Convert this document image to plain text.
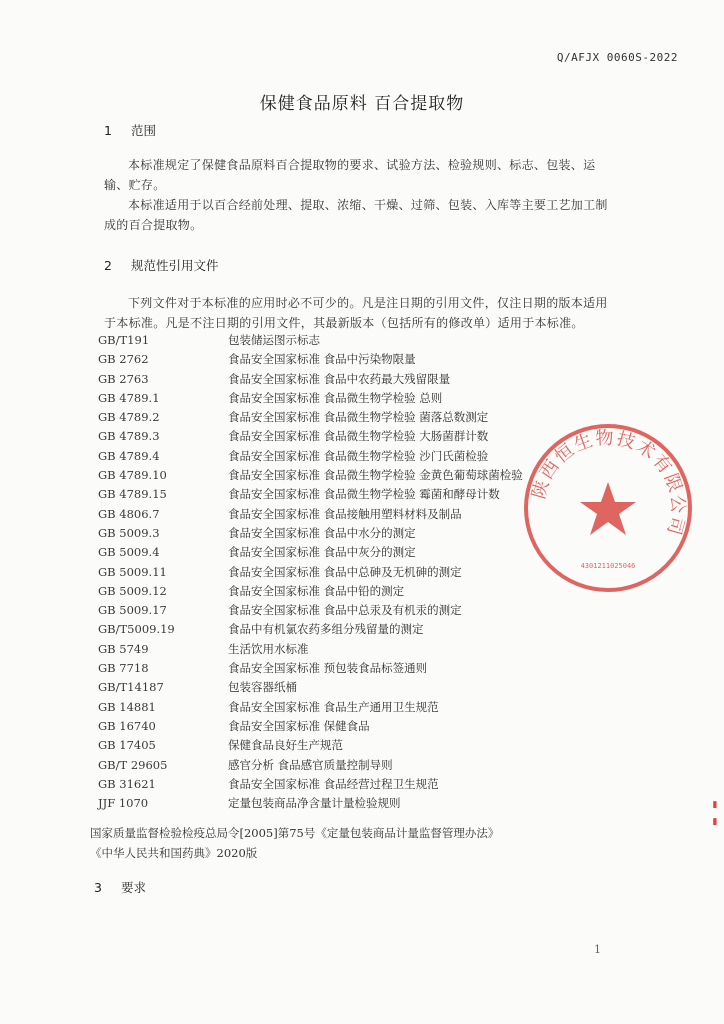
Q/AFJX 0060S-2022
保健食品原料 百合提取物
1 范围
本标准规定了保健食品原料百合提取物的要求、试验方法、检验规则、标志、包装、运输、贮存。
本标准适用于以百合经前处理、提取、浓缩、干燥、过筛、包装、入库等主要工艺加工制成的百合提取物。
2 规范性引用文件
下列文件对于本标准的应用时必不可少的。凡是注日期的引用文件，仅注日期的版本适用于本标准。凡是不注日期的引用文件，其最新版本（包括所有的修改单）适用于本标准。
GB/T191	包装储运图示标志
GB 2762	食品安全国家标准 食品中污染物限量
GB 2763	食品安全国家标准 食品中农药最大残留限量
GB 4789.1	食品安全国家标准 食品微生物学检验 总则
GB 4789.2	食品安全国家标准 食品微生物学检验 菌落总数测定
GB 4789.3	食品安全国家标准 食品微生物学检验 大肠菌群计数
GB 4789.4	食品安全国家标准 食品微生物学检验 沙门氏菌检验
GB 4789.10	食品安全国家标准 食品微生物学检验 金黄色葡萄球菌检验
GB 4789.15	食品安全国家标准 食品微生物学检验 霉菌和酵母计数
GB 4806.7	食品安全国家标准 食品接触用塑料材料及制品
GB 5009.3	食品安全国家标准 食品中水分的测定
GB 5009.4	食品安全国家标准 食品中灰分的测定
GB 5009.11	食品安全国家标准 食品中总砷及无机砷的测定
GB 5009.12	食品安全国家标准 食品中铅的测定
GB 5009.17	食品安全国家标准 食品中总汞及有机汞的测定
GB/T5009.19	食品中有机氯农药多组分残留量的测定
GB 5749	生活饮用水标准
GB 7718	食品安全国家标准 预包装食品标签通则
GB/T14187	包装容器纸桶
GB 14881	食品安全国家标准 食品生产通用卫生规范
GB 16740	食品安全国家标准 保健食品
GB 17405	保健食品良好生产规范
GB/T 29605	感官分析 食品感官质量控制导则
GB 31621	食品安全国家标准 食品经营过程卫生规范
JJF 1070	定量包装商品净含量计量检验规则
国家质量监督检验检疫总局令[2005]第75号《定量包装商品计量监督管理办法》
《中华人民共和国药典》2020版
3 要求
陕西恒生物技术有限公司
4301211025046
▮ ▮
1
